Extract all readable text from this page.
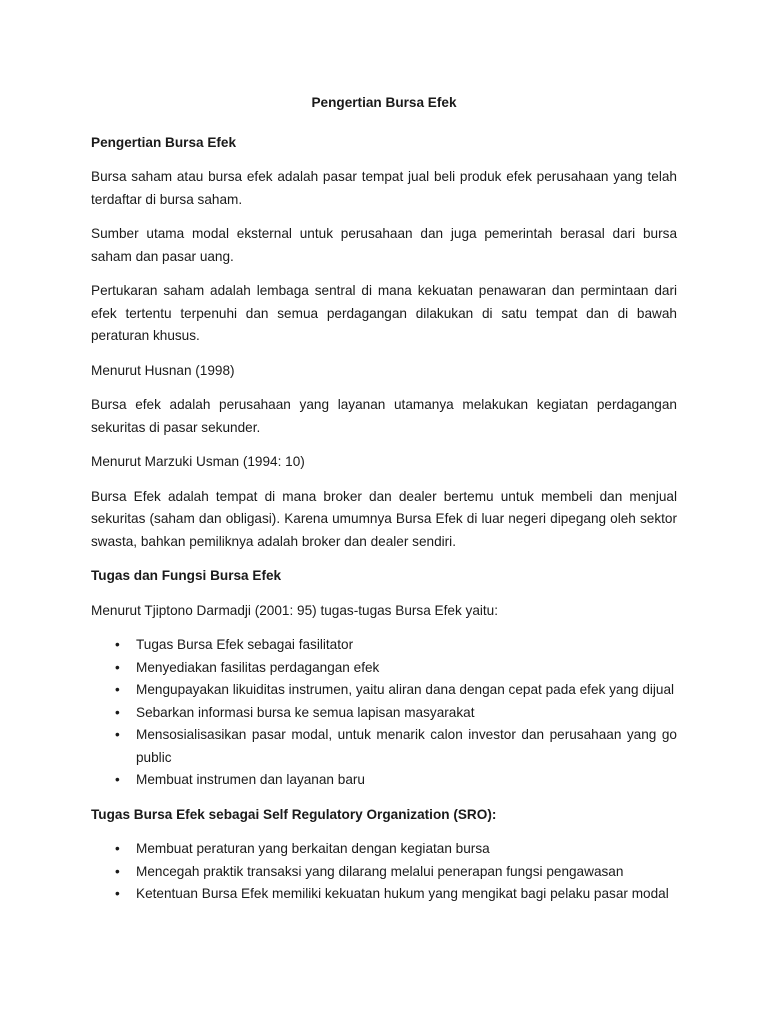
Pengertian Bursa Efek
Pengertian Bursa Efek

Bursa saham atau bursa efek adalah pasar tempat jual beli produk efek perusahaan yang telah terdaftar di bursa saham.

Sumber utama modal eksternal untuk perusahaan dan juga pemerintah berasal dari bursa saham dan pasar uang.

Pertukaran saham adalah lembaga sentral di mana kekuatan penawaran dan permintaan dari efek tertentu terpenuhi dan semua perdagangan dilakukan di satu tempat dan di bawah peraturan khusus.

Menurut Husnan (1998)

Bursa efek adalah perusahaan yang layanan utamanya melakukan kegiatan perdagangan sekuritas di pasar sekunder.

Menurut Marzuki Usman (1994: 10)

Bursa Efek adalah tempat di mana broker dan dealer bertemu untuk membeli dan menjual sekuritas (saham dan obligasi). Karena umumnya Bursa Efek di luar negeri dipegang oleh sektor swasta, bahkan pemiliknya adalah broker dan dealer sendiri.

Tugas dan Fungsi Bursa Efek

Menurut Tjiptono Darmadji (2001: 95) tugas-tugas Bursa Efek yaitu:

• Tugas Bursa Efek sebagai fasilitator
• Menyediakan fasilitas perdagangan efek
• Mengupayakan likuiditas instrumen, yaitu aliran dana dengan cepat pada efek yang dijual
• Sebarkan informasi bursa ke semua lapisan masyarakat
• Mensosialisasikan pasar modal, untuk menarik calon investor dan perusahaan yang go public
• Membuat instrumen dan layanan baru
Tugas Bursa Efek sebagai Self Regulatory Organization (SRO):
• Membuat peraturan yang berkaitan dengan kegiatan bursa
• Mencegah praktik transaksi yang dilarang melalui penerapan fungsi pengawasan
• Ketentuan Bursa Efek memiliki kekuatan hukum yang mengikat bagi pelaku pasar modal
